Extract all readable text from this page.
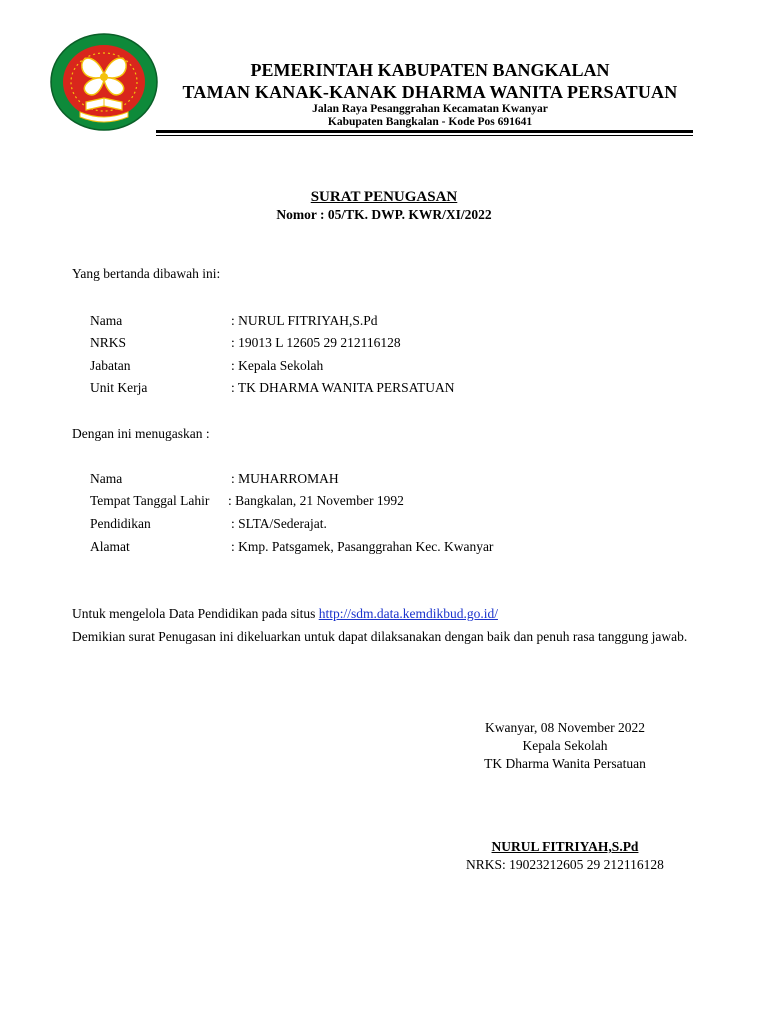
PEMERINTAH KABUPATEN BANGKALAN
TAMAN KANAK-KANAK DHARMA WANITA PERSATUAN
Jalan Raya Pesanggrahan Kecamatan Kwanyar
Kabupaten Bangkalan - Kode Pos 691641
SURAT PENUGASAN
Nomor : 05/TK. DWP. KWR/XI/2022
Yang bertanda dibawah ini:
Nama	: NURUL FITRIYAH,S.Pd
NRKS	: 19013 L 12605 29 212116128
Jabatan	: Kepala Sekolah
Unit Kerja	: TK DHARMA WANITA PERSATUAN
Dengan ini menugaskan :
Nama	: MUHARROMAH
Tempat Tanggal Lahir : Bangkalan, 21 November 1992
Pendidikan	: SLTA/Sederajat.
Alamat	: Kmp. Patsgamek, Pasanggrahan Kec. Kwanyar
Untuk mengelola Data Pendidikan pada situs http://sdm.data.kemdikbud.go.id/
Demikian surat Penugasan ini dikeluarkan untuk dapat dilaksanakan dengan baik dan penuh rasa tanggung jawab.
Kwanyar, 08 November 2022
Kepala Sekolah
TK Dharma Wanita Persatuan
NURUL FITRIYAH,S.Pd
NRKS: 19023212605 29 212116128
